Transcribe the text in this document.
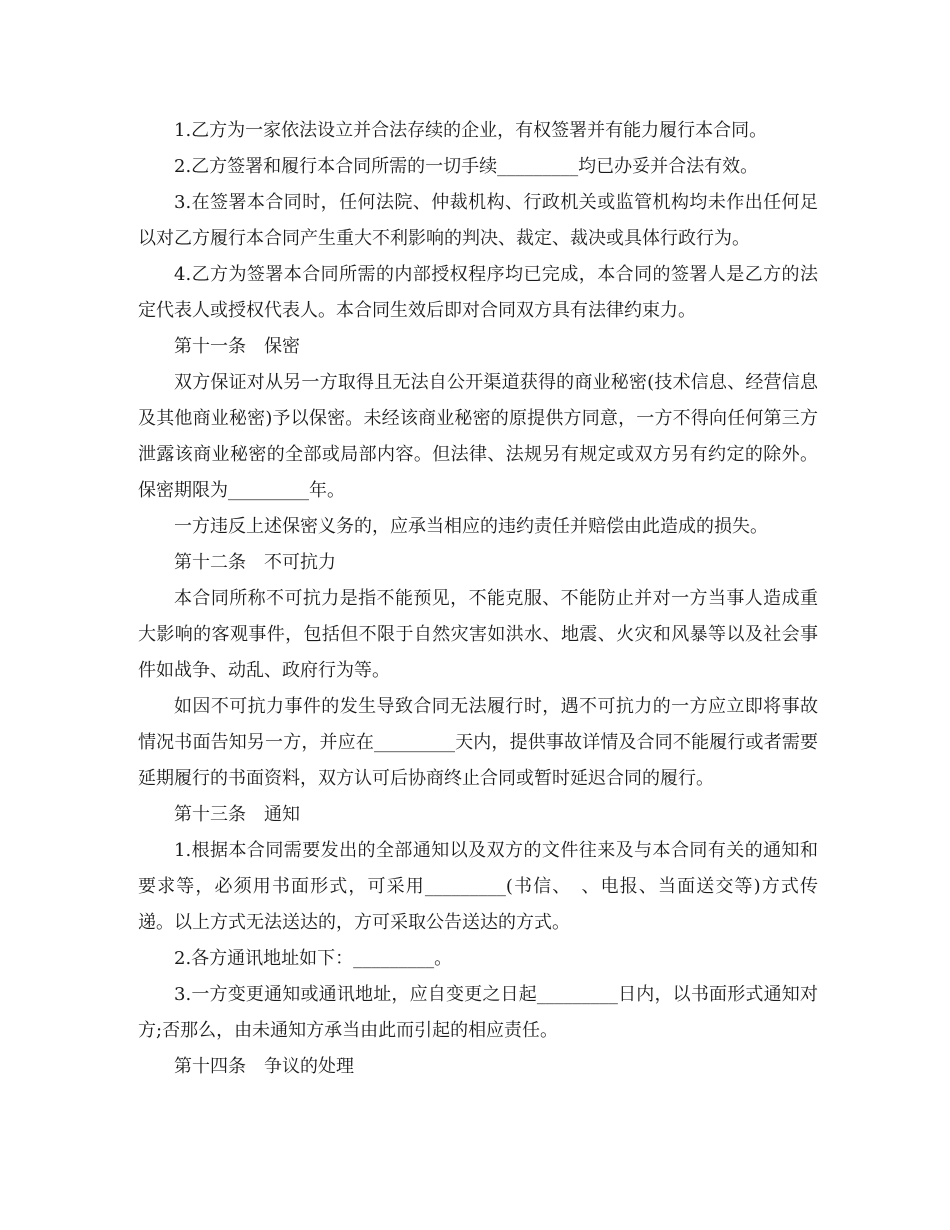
1.乙方为一家依法设立并合法存续的企业，有权签署并有能力履行本合同。

2.乙方签署和履行本合同所需的一切手续_________均已办妥并合法有效。

3.在签署本合同时，任何法院、仲裁机构、行政机关或监管机构均未作出任何足以对乙方履行本合同产生重大不利影响的判决、裁定、裁决或具体行政行为。

4.乙方为签署本合同所需的内部授权程序均已完成，本合同的签署人是乙方的法定代表人或授权代表人。本合同生效后即对合同双方具有法律约束力。

第十一条　保密

双方保证对从另一方取得且无法自公开渠道获得的商业秘密(技术信息、经营信息及其他商业秘密)予以保密。未经该商业秘密的原提供方同意，一方不得向任何第三方泄露该商业秘密的全部或局部内容。但法律、法规另有规定或双方另有约定的除外。保密期限为_________年。

一方违反上述保密义务的，应承当相应的违约责任并赔偿由此造成的损失。

第十二条　不可抗力

本合同所称不可抗力是指不能预见，不能克服、不能防止并对一方当事人造成重大影响的客观事件，包括但不限于自然灾害如洪水、地震、火灾和风暴等以及社会事件如战争、动乱、政府行为等。

如因不可抗力事件的发生导致合同无法履行时，遇不可抗力的一方应立即将事故情况书面告知另一方，并应在_________天内，提供事故详情及合同不能履行或者需要延期履行的书面资料，双方认可后协商终止合同或暂时延迟合同的履行。

第十三条　通知

1.根据本合同需要发出的全部通知以及双方的文件往来及与本合同有关的通知和要求等，必须用书面形式，可采用_________(书信、　、电报、当面送交等)方式传递。以上方式无法送达的，方可采取公告送达的方式。

2.各方通讯地址如下：_________。

3.一方变更通知或通讯地址，应自变更之日起_________日内，以书面形式通知对方;否那么，由未通知方承当由此而引起的相应责任。

第十四条　争议的处理
